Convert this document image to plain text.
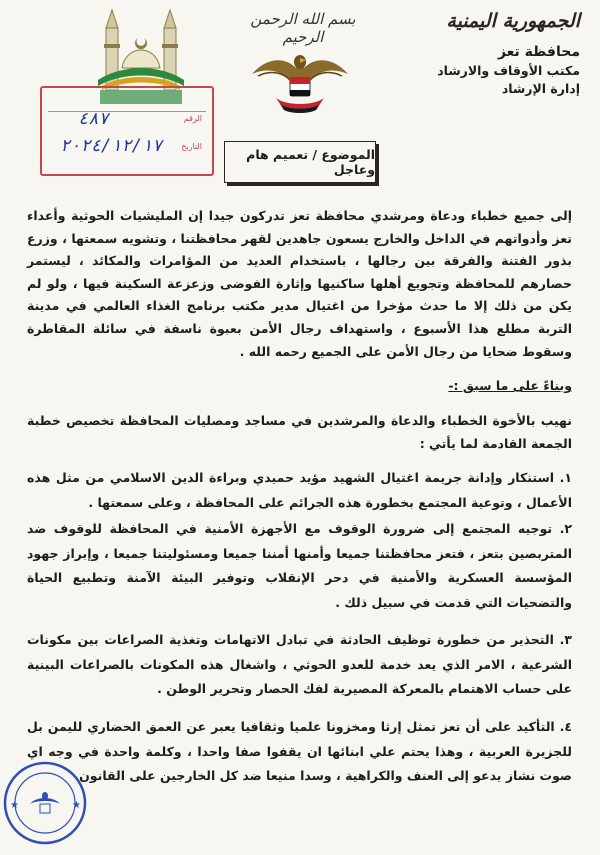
الجمهورية اليمنية
محافظة تعز
مكتب الأوقاف والارشاد
إدارة الإرشاد
بسم الله الرحمن الرحيم
الرقم
٤٨٧
التاريخ
٢٠٢٤/١٢/١٧	الموضوع / تعميم هام وعاجل
إلى جميع خطباء ودعاة ومرشدي محافظة تعز تدركون جيدا إن المليشيات الحوثية وأعداء تعز وأدواتهم في الداخل والخارج يسعون جاهدين لقهر محافظتنا ، وتشويه سمعتها ، وزرع بذور الفتنة والفرقة بين رجالها ، باستخدام العديد من المؤامرات والمكائد ، ليستمر حصارهم للمحافظة وتجويع أهلها ساكنيها وإثارة الفوضى وزعزعة السكينة فيها ، ولو لم يكن من ذلك إلا ما حدث مؤخرا من اغتيال مدير مكتب برنامج الغذاء العالمي في مدينة التربة مطلع هذا الأسبوع ، واستهداف رجال الأمن بعبوة ناسفة في سائلة المقاطرة وسقوط ضحايا من رجال الأمن على الجميع رحمه الله .
وبناءً على ما سبق :-
نهيب بالأخوة الخطباء والدعاة والمرشدين في مساجد ومصليات المحافظة تخصيص خطبة الجمعة القادمة لما يأتي :
١. استنكار وإدانة جريمة اغتيال الشهيد مؤيد حميدي وبراءة الدين الاسلامي من مثل هذه الأعمال ، وتوعية المجتمع بخطورة هذه الجرائم على المحافظة ، وعلى سمعتها .
٢. توجيه المجتمع إلى ضرورة الوقوف مع الأجهزة الأمنية في المحافظة للوقوف ضد المتربصين بتعز ، فتعز محافظتنا جميعا وأمنها أمننا جميعا ومسئوليتنا جميعا ، وإبراز جهود المؤسسة العسكرية والأمنية في دحر الإنقلاب وتوفير البيئة الآمنة وتطبيع الحياة والتضحيات التي قدمت في سبيل ذلك .
٣. التحذير من خطورة توظيف الحادثة في تبادل الاتهامات وتغذية الصراعات بين مكونات الشرعية ، الامر الذي يعد خدمة للعدو الحوثي ، واشغال هذه المكونات بالصراعات البينية على حساب الاهتمام بالمعركة المصيرية لفك الحصار وتحرير الوطن .
٤. التأكيد على أن تعز تمثل إرثا ومخزونا علميا وثقافيا يعبر عن العمق الحضاري لليمن بل للجزيرة العربية ، وهذا يحتم علي ابنائها ان يقفوا صفا واحدا ، وكلمة واحدة في وجه اي صوت نشاز يدعو إلى العنف والكراهية ، وسدا منيعا ضد كل الخارجين على القانون
★	★
